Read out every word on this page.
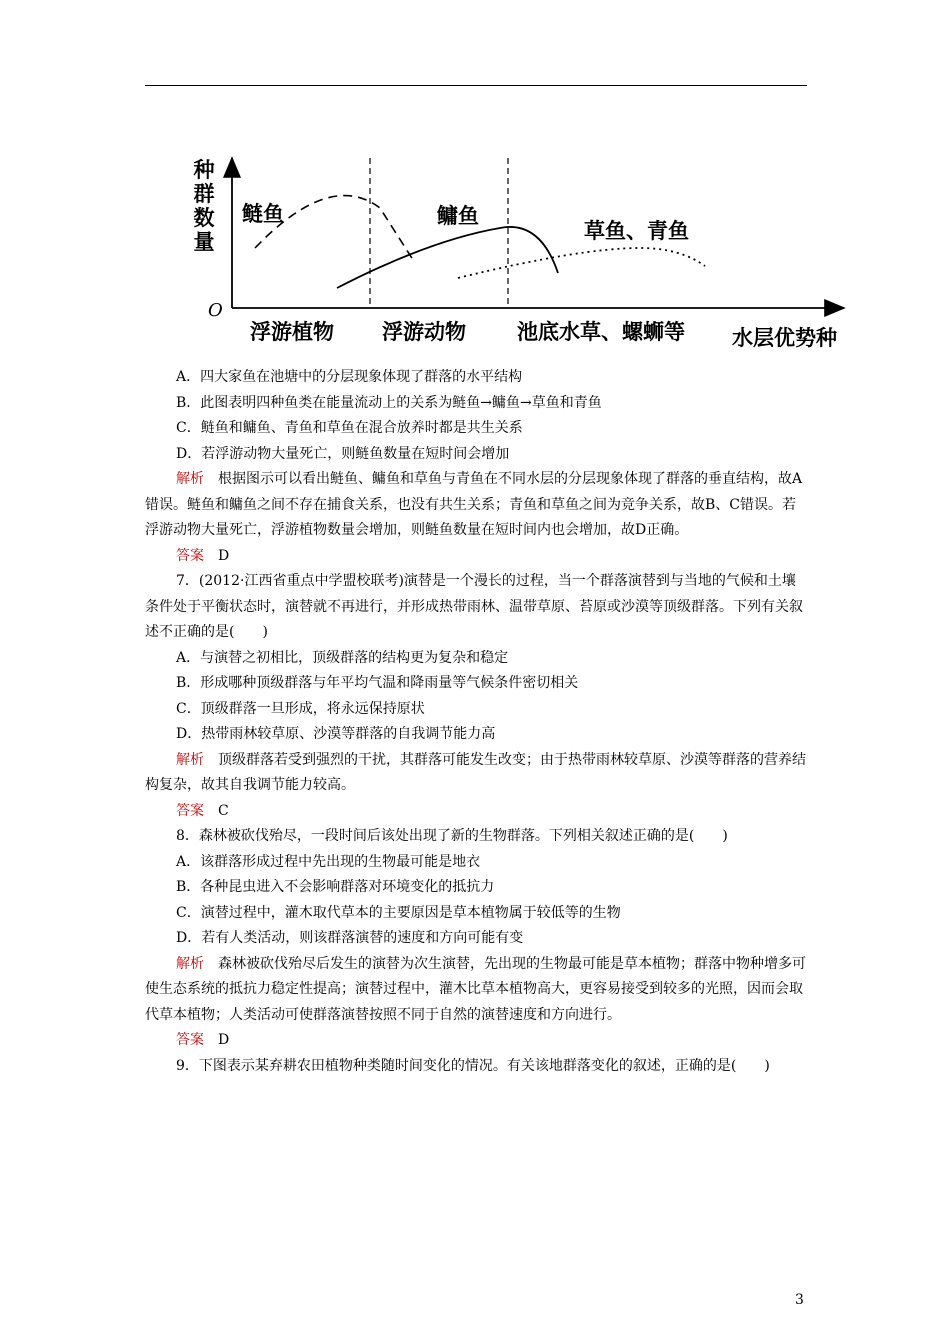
种
群
数
量
O
鲢鱼	鳙鱼
草鱼、青鱼
浮游植物 浮游动物 池底水草、螺蛳等 水层优势种

A．四大家鱼在池塘中的分层现象体现了群落的水平结构

B．此图表明四种鱼类在能量流动上的关系为鲢鱼→鳙鱼→草鱼和青鱼

C．鲢鱼和鳙鱼、青鱼和草鱼在混合放养时都是共生关系

D．若浮游动物大量死亡，则鲢鱼数量在短时间会增加

解析 根据图示可以看出鲢鱼、鳙鱼和草鱼与青鱼在不同水层的分层现象体现了群落的垂直结构，故A错误。鲢鱼和鳙鱼之间不存在捕食关系，也没有共生关系；青鱼和草鱼之间为竞争关系，故B、C错误。若浮游动物大量死亡，浮游植物数量会增加，则鲢鱼数量在短时间内也会增加，故D正确。

答案 D

7．(2012·江西省重点中学盟校联考)演替是一个漫长的过程，当一个群落演替到与当地的气候和土壤条件处于平衡状态时，演替就不再进行，并形成热带雨林、温带草原、苔原或沙漠等顶级群落。下列有关叙述不正确的是(　　)

A．与演替之初相比，顶级群落的结构更为复杂和稳定

B．形成哪种顶级群落与年平均气温和降雨量等气候条件密切相关

C．顶级群落一旦形成，将永远保持原状

D．热带雨林较草原、沙漠等群落的自我调节能力高

解析 顶级群落若受到强烈的干扰，其群落可能发生改变；由于热带雨林较草原、沙漠等群落的营养结构复杂，故其自我调节能力较高。

答案 C

8．森林被砍伐殆尽，一段时间后该处出现了新的生物群落。下列相关叙述正确的是(　　)

A．该群落形成过程中先出现的生物最可能是地衣

B．各种昆虫进入不会影响群落对环境变化的抵抗力

C．演替过程中，灌木取代草本的主要原因是草本植物属于较低等的生物

D．若有人类活动，则该群落演替的速度和方向可能有变

解析 森林被砍伐殆尽后发生的演替为次生演替，先出现的生物最可能是草本植物；群落中物种增多可使生态系统的抵抗力稳定性提高；演替过程中，灌木比草本植物高大，更容易接受到较多的光照，因而会取代草本植物；人类活动可使群落演替按照不同于自然的演替速度和方向进行。

答案 D

9．下图表示某弃耕农田植物种类随时间变化的情况。有关该地群落变化的叙述，正确的是(　　)

3
